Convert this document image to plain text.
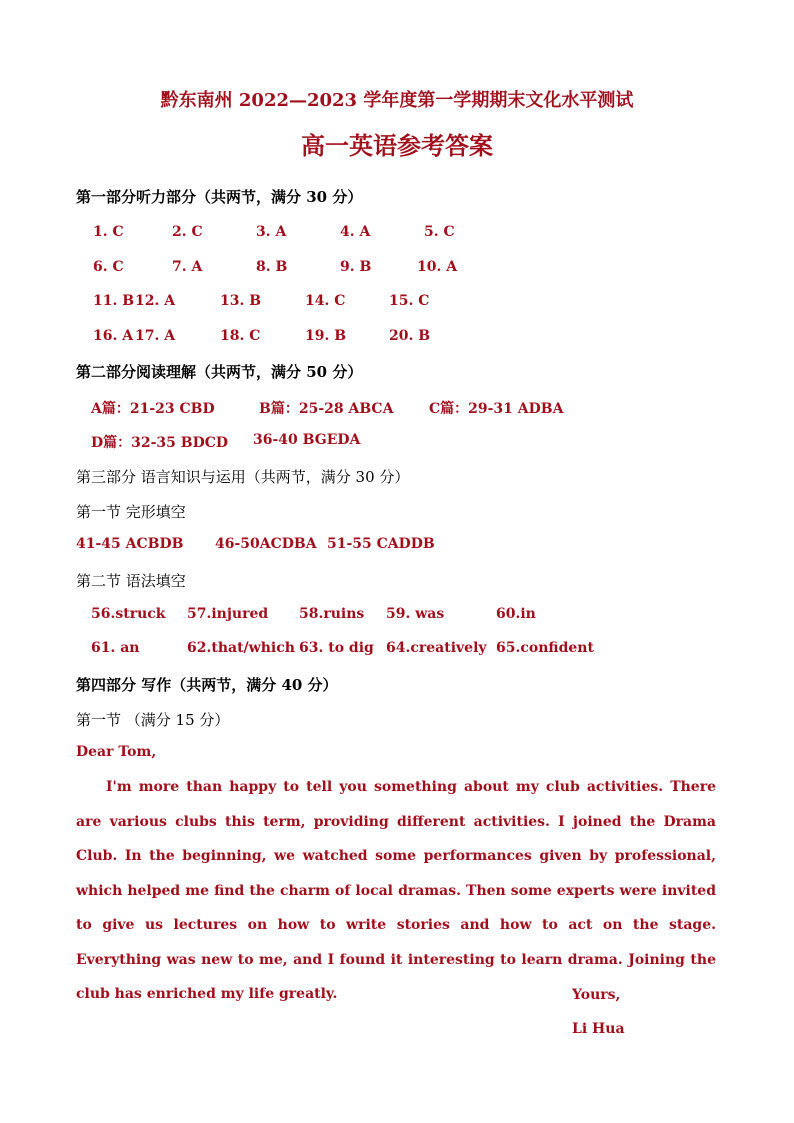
黔东南州 2022—2023 学年度第一学期期末文化水平测试
高一英语参考答案
第一部分听力部分（共两节，满分 30 分）
1. C	2. C	3. A	4. A	5. C
6. C	7. A	8. B	9. B	10. A
11. B 12. A	13. B	14. C	15. C
16. A 17. A	18. C	19. B	20. B
第二部分阅读理解（共两节，满分 50 分）
A篇：21-23 CBD	B篇：25-28 ABCA	C篇：29-31 ADBA
D篇：32-35 BDCD 36-40 BGEDA
第三部分 语言知识与运用（共两节，满分 30 分）
第一节 完形填空
41-45 ACBDB 46-50ACDBA 51-55 CADDB
第二节 语法填空
56.struck 57.injured 58.ruins 59. was	60.in
61. an	62.that/which 63. to dig 64.creatively 65.confident
第四部分 写作（共两节，满分 40 分）
第一节 （满分 15 分）
Dear Tom,
I'm more than happy to tell you something about my club activities. There are various clubs this term, providing different activities. I joined the Drama Club. In the beginning, we watched some performances given by professional, which helped me find the charm of local dramas. Then some experts were invited to give us lectures on how to write stories and how to act on the stage. Everything was new to me, and I found it interesting to learn drama. Joining the club has enriched my life greatly.	Yours,
Li Hua
